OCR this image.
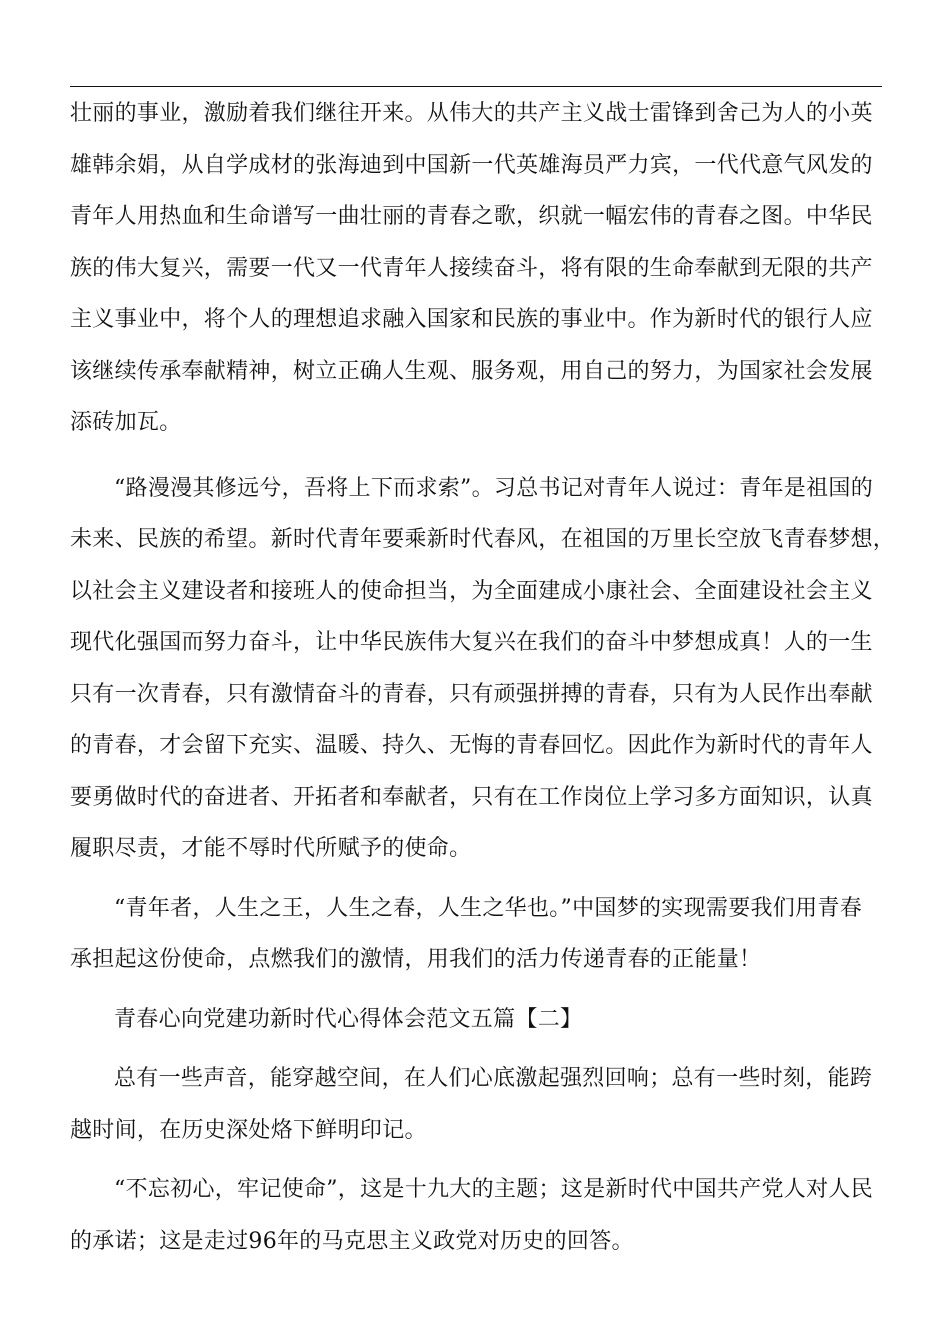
壮丽的事业，激励着我们继往开来。从伟大的共产主义战士雷锋到舍己为人的小英
雄韩余娟，从自学成材的张海迪到中国新一代英雄海员严力宾，一代代意气风发的
青年人用热血和生命谱写一曲壮丽的青春之歌，织就一幅宏伟的青春之图。中华民
族的伟大复兴，需要一代又一代青年人接续奋斗，将有限的生命奉献到无限的共产
主义事业中，将个人的理想追求融入国家和民族的事业中。作为新时代的银行人应
该继续传承奉献精神，树立正确人生观、服务观，用自己的努力，为国家社会发展
添砖加瓦。
“路漫漫其修远兮，吾将上下而求索”。习总书记对青年人说过：青年是祖国的
未来、民族的希望。新时代青年要乘新时代春风，在祖国的万里长空放飞青春梦想，
以社会主义建设者和接班人的使命担当，为全面建成小康社会、全面建设社会主义
现代化强国而努力奋斗，让中华民族伟大复兴在我们的奋斗中梦想成真！人的一生
只有一次青春，只有激情奋斗的青春，只有顽强拼搏的青春，只有为人民作出奉献
的青春，才会留下充实、温暖、持久、无悔的青春回忆。因此作为新时代的青年人
要勇做时代的奋进者、开拓者和奉献者，只有在工作岗位上学习多方面知识，认真
履职尽责，才能不辱时代所赋予的使命。
“青年者，人生之王，人生之春，人生之华也。”中国梦的实现需要我们用青春
承担起这份使命，点燃我们的激情，用我们的活力传递青春的正能量！
青春心向党建功新时代心得体会范文五篇【二】
总有一些声音，能穿越空间，在人们心底激起强烈回响；总有一些时刻，能跨
越时间，在历史深处烙下鲜明印记。
“不忘初心，牢记使命”，这是十九大的主题；这是新时代中国共产党人对人民
的承诺；这是走过96年的马克思主义政党对历史的回答。
